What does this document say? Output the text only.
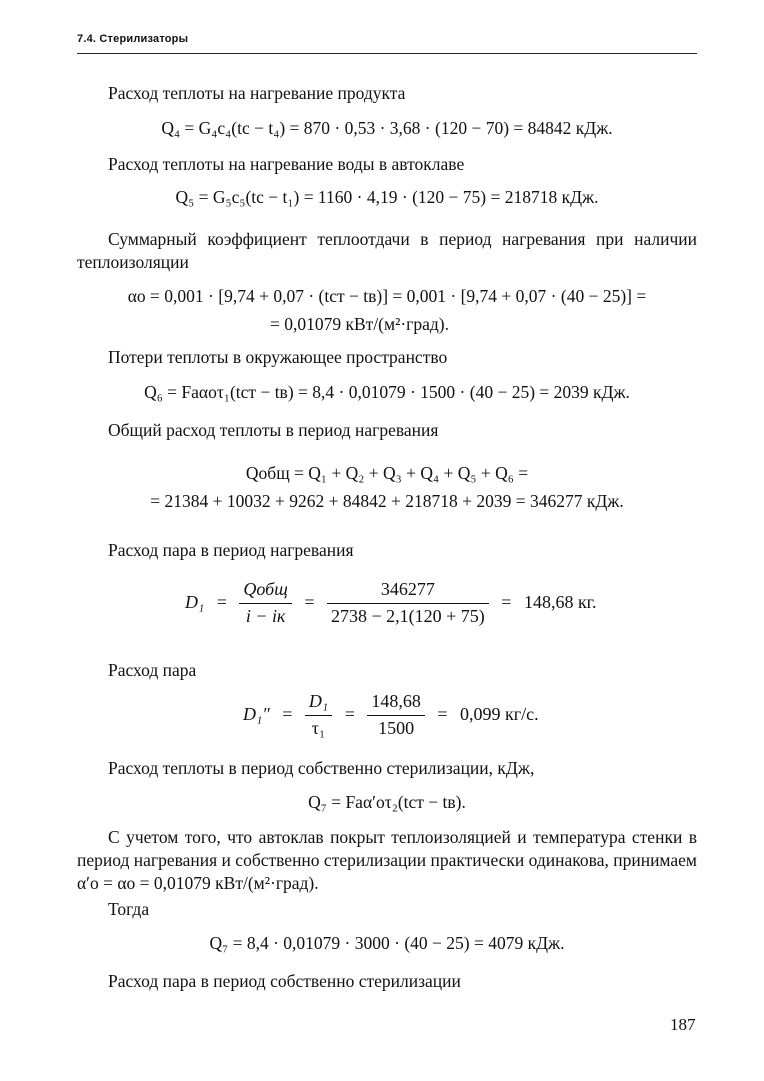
7.4. Стерилизаторы
Расход теплоты на нагревание продукта
Q₄ = G₄c₄(tс − t₄) = 870 · 0,53 · 3,68 · (120 − 70) = 84842 кДж.
Расход теплоты на нагревание воды в автоклаве
Q₅ = G₅c₅(tс − t₁) = 1160 · 4,19 · (120 − 75) = 218718 кДж.
Суммарный коэффициент теплоотдачи в период нагревания при наличии теплоизоляции
αо = 0,001 · [9,74 + 0,07 · (tст − tв)] = 0,001 · [9,74 + 0,07 · (40 − 25)] =
= 0,01079 кВт/(м²·град).
Потери теплоты в окружающее пространство
Q₆ = Faαоτ₁(tст − tв) = 8,4 · 0,01079 · 1500 · (40 − 25) = 2039 кДж.
Общий расход теплоты в период нагревания
Qобщ = Q₁ + Q₂ + Q₃ + Q₄ + Q₅ + Q₆ =
= 21384 + 10032 + 9262 + 84842 + 218718 + 2039 = 346277 кДж.
Расход пара в период нагревания
$D_1 = \frac{\text{Qобщ}}{i - iк} = \frac{346277}{2738 - 2,1(120 + 75)} = 148,68$ кг.
Расход пара
$D_1'' = \frac{\text{D₁}}{\text{τ₁}} = \frac{148,68}{1500} = 0,099$ кг/с.
Расход теплоты в период собственно стерилизации, кДж,
Q₇ = Faα′оτ₂(tст − tв).
С учетом того, что автоклав покрыт теплоизоляцией и температура стенки в период нагревания и собственно стерилизации практически одинакова, принимаем α′о = αо = 0,01079 кВт/(м²·град).
Тогда
Q₇ = 8,4 · 0,01079 · 3000 · (40 − 25) = 4079 кДж.
Расход пара в период собственно стерилизации
187
